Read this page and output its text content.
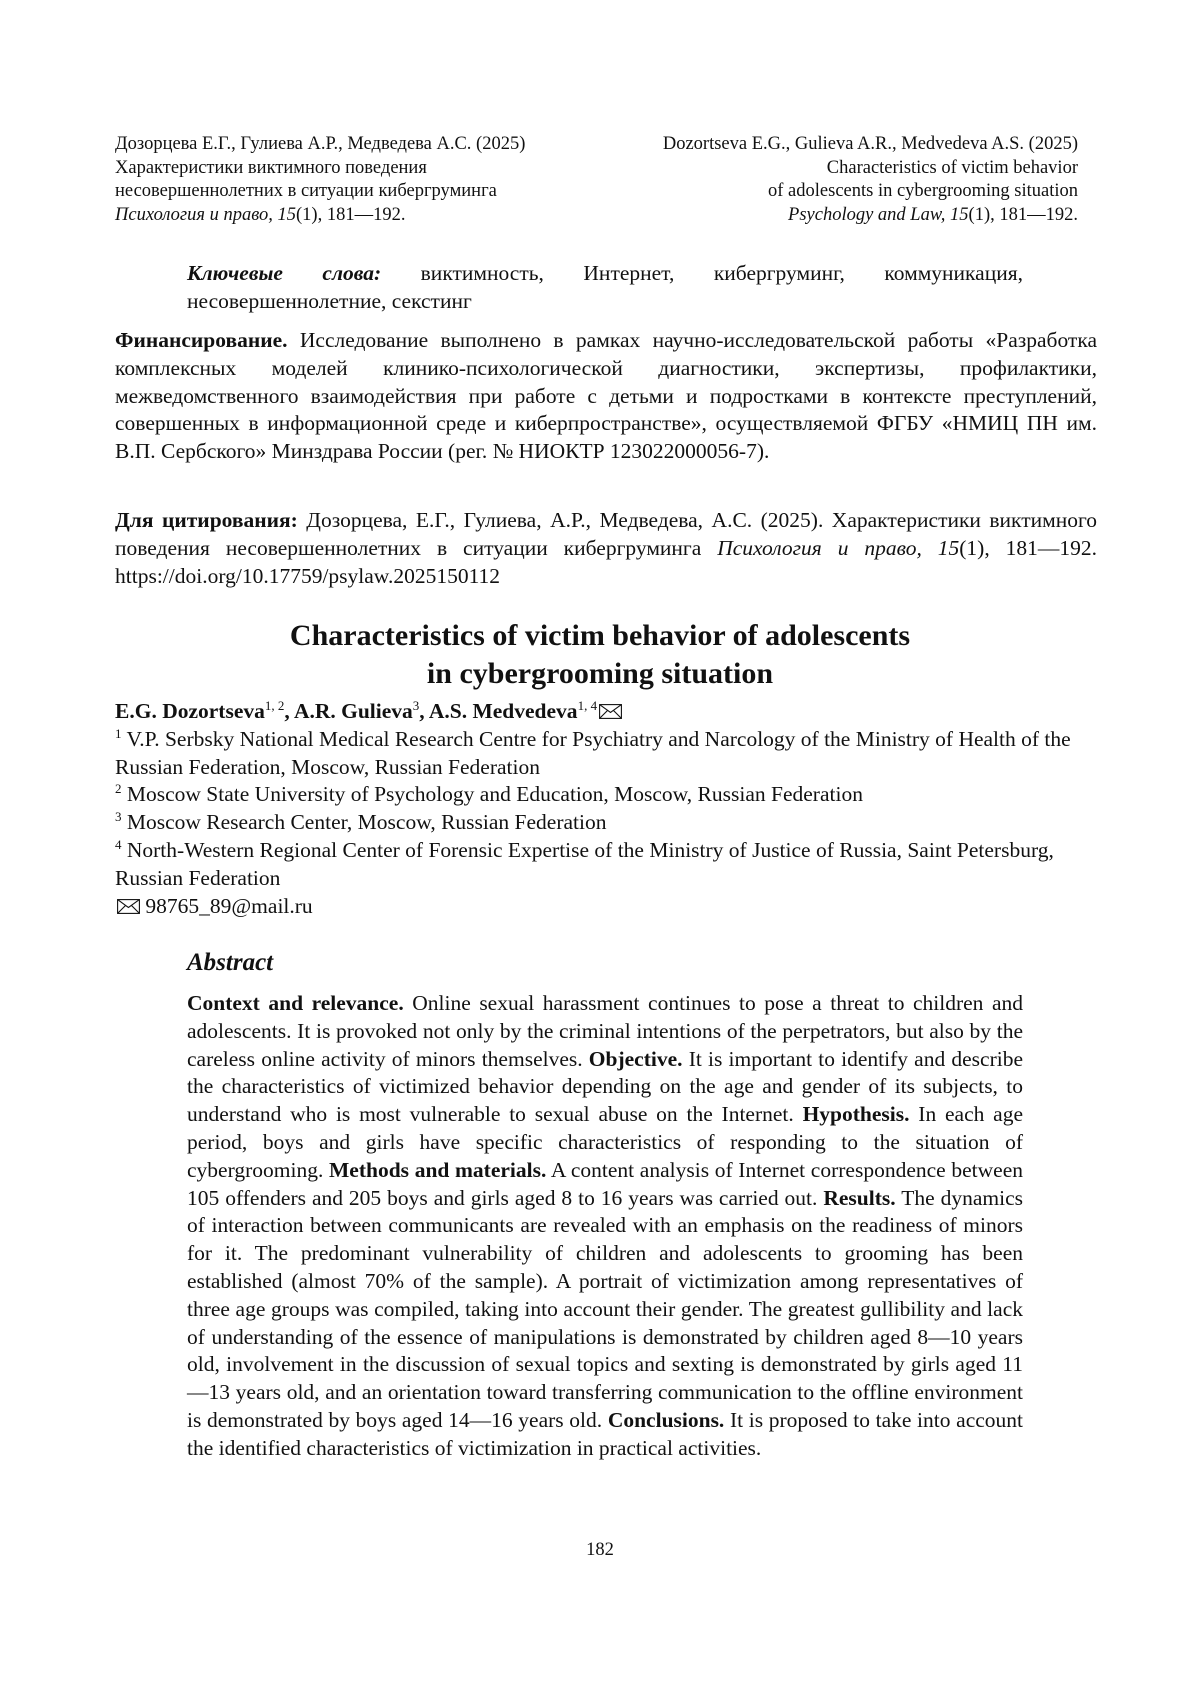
Дозорцева Е.Г., Гулиева А.Р., Медведева А.С. (2025)
Характеристики виктимного поведения
несовершеннолетних в ситуации кибергруминга
Психология и право, 15(1), 181—192.
Dozortseva E.G., Gulieva A.R., Medvedeva A.S. (2025)
Characteristics of victim behavior
of adolescents in cybergrooming situation
Psychology and Law, 15(1), 181—192.

Ключевые слова: виктимность, Интернет, кибергруминг, коммуникация, несовершеннолетние, секстинг

Финансирование. Исследование выполнено в рамках научно-исследовательской работы «Разработка комплексных моделей клинико-психологической диагностики, экспертизы, профилактики, межведомственного взаимодействия при работе с детьми и подростками в контексте преступлений, совершенных в информационной среде и киберпространстве», осуществляемой ФГБУ «НМИЦ ПН им. В.П. Сербского» Минздрава России (рег. № НИОКТР 123022000056-7).

Для цитирования: Дозорцева, Е.Г., Гулиева, А.Р., Медведева, А.С. (2025). Характеристики виктимного поведения несовершеннолетних в ситуации кибергруминга Психология и право, 15(1), 181—192. https://doi.org/10.17759/psylaw.2025150112

Characteristics of victim behavior of adolescents
in cybergrooming situation

E.G. Dozortseva$^{1, 2}$, A.R. Gulieva$^3$, A.S. Medvedeva$^{1, 4}$

$^1$ V.P. Serbsky National Medical Research Centre for Psychiatry and Narcology of the Ministry of Health of the Russian Federation, Moscow, Russian Federation

$^2$ Moscow State University of Psychology and Education, Moscow, Russian Federation

$^3$ Moscow Research Center, Moscow, Russian Federation

$^4$ North-Western Regional Center of Forensic Expertise of the Ministry of Justice of Russia, Saint Petersburg, Russian Federation

98765_89@mail.ru

Abstract

Context and relevance. Online sexual harassment continues to pose a threat to children and adolescents. It is provoked not only by the criminal intentions of the perpetrators, but also by the careless online activity of minors themselves. Objective. It is important to identify and describe the characteristics of victimized behavior depending on the age and gender of its subjects, to understand who is most vulnerable to sexual abuse on the Internet. Hypothesis. In each age period, boys and girls have specific characteristics of responding to the situation of cybergrooming. Methods and materials. A content analysis of Internet correspondence between 105 offenders and 205 boys and girls aged 8 to 16 years was carried out. Results. The dynamics of interaction between communicants are revealed with an emphasis on the readiness of minors for it. The predominant vulnerability of children and adolescents to grooming has been established (almost 70% of the sample). A portrait of victimization among representatives of three age groups was compiled, taking into account their gender. The greatest gullibility and lack of understanding of the essence of manipulations is demonstrated by children aged 8—10 years old, involvement in the discussion of sexual topics and sexting is demonstrated by girls aged 11—13 years old, and an orientation toward transferring communication to the offline environment is demonstrated by boys aged 14—16 years old. Conclusions. It is proposed to take into account the identified characteristics of victimization in practical activities.

182
